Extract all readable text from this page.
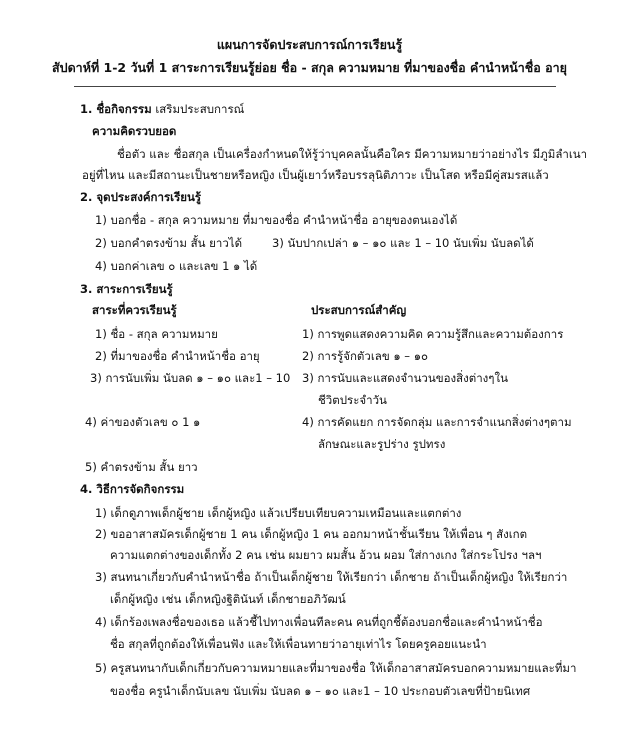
แผนการจัดประสบการณ์การเรียนรู้
สัปดาห์ที่ 1-2 วันที่ 1 สาระการเรียนรู้ย่อย ชื่อ - สกุล ความหมาย ที่มาของชื่อ คำนำหน้าชื่อ อายุ
1. ชื่อกิจกรรม เสริมประสบการณ์
ความคิดรวบยอด
ชื่อตัว และ ชื่อสกุล เป็นเครื่องกำหนดให้รู้ว่าบุคคลนั้นคือใคร มีความหมายว่าอย่างไร มีภูมิลำเนา
อยู่ที่ไหน และมีสถานะเป็นชายหรือหญิง เป็นผู้เยาว์หรือบรรลุนิติภาวะ เป็นโสด หรือมีคู่สมรสแล้ว
2. จุดประสงค์การเรียนรู้
1) บอกชื่อ - สกุล ความหมาย ที่มาของชื่อ คำนำหน้าชื่อ อายุของตนเองได้
2) บอกคำตรงข้าม สั้น ยาวได้	3) นับปากเปล่า ๑ – ๑๐ และ 1 – 10 นับเพิ่ม นับลดได้
4) บอกค่าเลข ๐ และเลข 1 ๑ ได้
3. สาระการเรียนรู้
สาระที่ควรเรียนรู้	ประสบการณ์สำคัญ
1) ชื่อ - สกุล ความหมาย
2) ที่มาของชื่อ คำนำหน้าชื่อ อายุ
3) การนับเพิ่ม นับลด ๑ – ๑๐ และ1 – 10
4) ค่าของตัวเลข ๐ 1 ๑
5) คำตรงข้าม สั้น ยาว
1) การพูดแสดงความคิด ความรู้สึกและความต้องการ
2) การรู้จักตัวเลข ๑ – ๑๐
3) การนับและแสดงจำนวนของสิ่งต่างๆใน
ชีวิตประจำวัน
4) การคัดแยก การจัดกลุ่ม และการจำแนกสิ่งต่างๆตาม
ลักษณะและรูปร่าง รูปทรง
4. วิธีการจัดกิจกรรม
1) เด็กดูภาพเด็กผู้ชาย เด็กผู้หญิง แล้วเปรียบเทียบความเหมือนและแตกต่าง
2) ขออาสาสมัครเด็กผู้ชาย 1 คน เด็กผู้หญิง 1 คน ออกมาหน้าชั้นเรียน ให้เพื่อน ๆ สังเกต
ความแตกต่างของเด็กทั้ง 2 คน เช่น ผมยาว ผมสั้น อ้วน ผอม ใส่กางเกง ใส่กระโปรง ฯลฯ
3) สนทนาเกี่ยวกับคำนำหน้าชื่อ ถ้าเป็นเด็กผู้ชาย ให้เรียกว่า เด็กชาย ถ้าเป็นเด็กผู้หญิง ให้เรียกว่า
เด็กผู้หญิง เช่น เด็กหญิงฐิตินันท์ เด็กชายอภิวัฒน์
4) เด็กร้องเพลงชื่อของเธอ แล้วชี้ไปทางเพื่อนทีละคน คนที่ถูกชี้ต้องบอกชื่อและคำนำหน้าชื่อ
ชื่อ สกุลที่ถูกต้องให้เพื่อนฟัง และให้เพื่อนทายว่าอายุเท่าไร โดยครูคอยแนะนำ
5) ครูสนทนากับเด็กเกี่ยวกับความหมายและที่มาของชื่อ ให้เด็กอาสาสมัครบอกความหมายและที่มา
ของชื่อ ครูนำเด็กนับเลข นับเพิ่ม นับลด ๑ – ๑๐ และ1 – 10 ประกอบตัวเลขที่ป้ายนิเทศ
